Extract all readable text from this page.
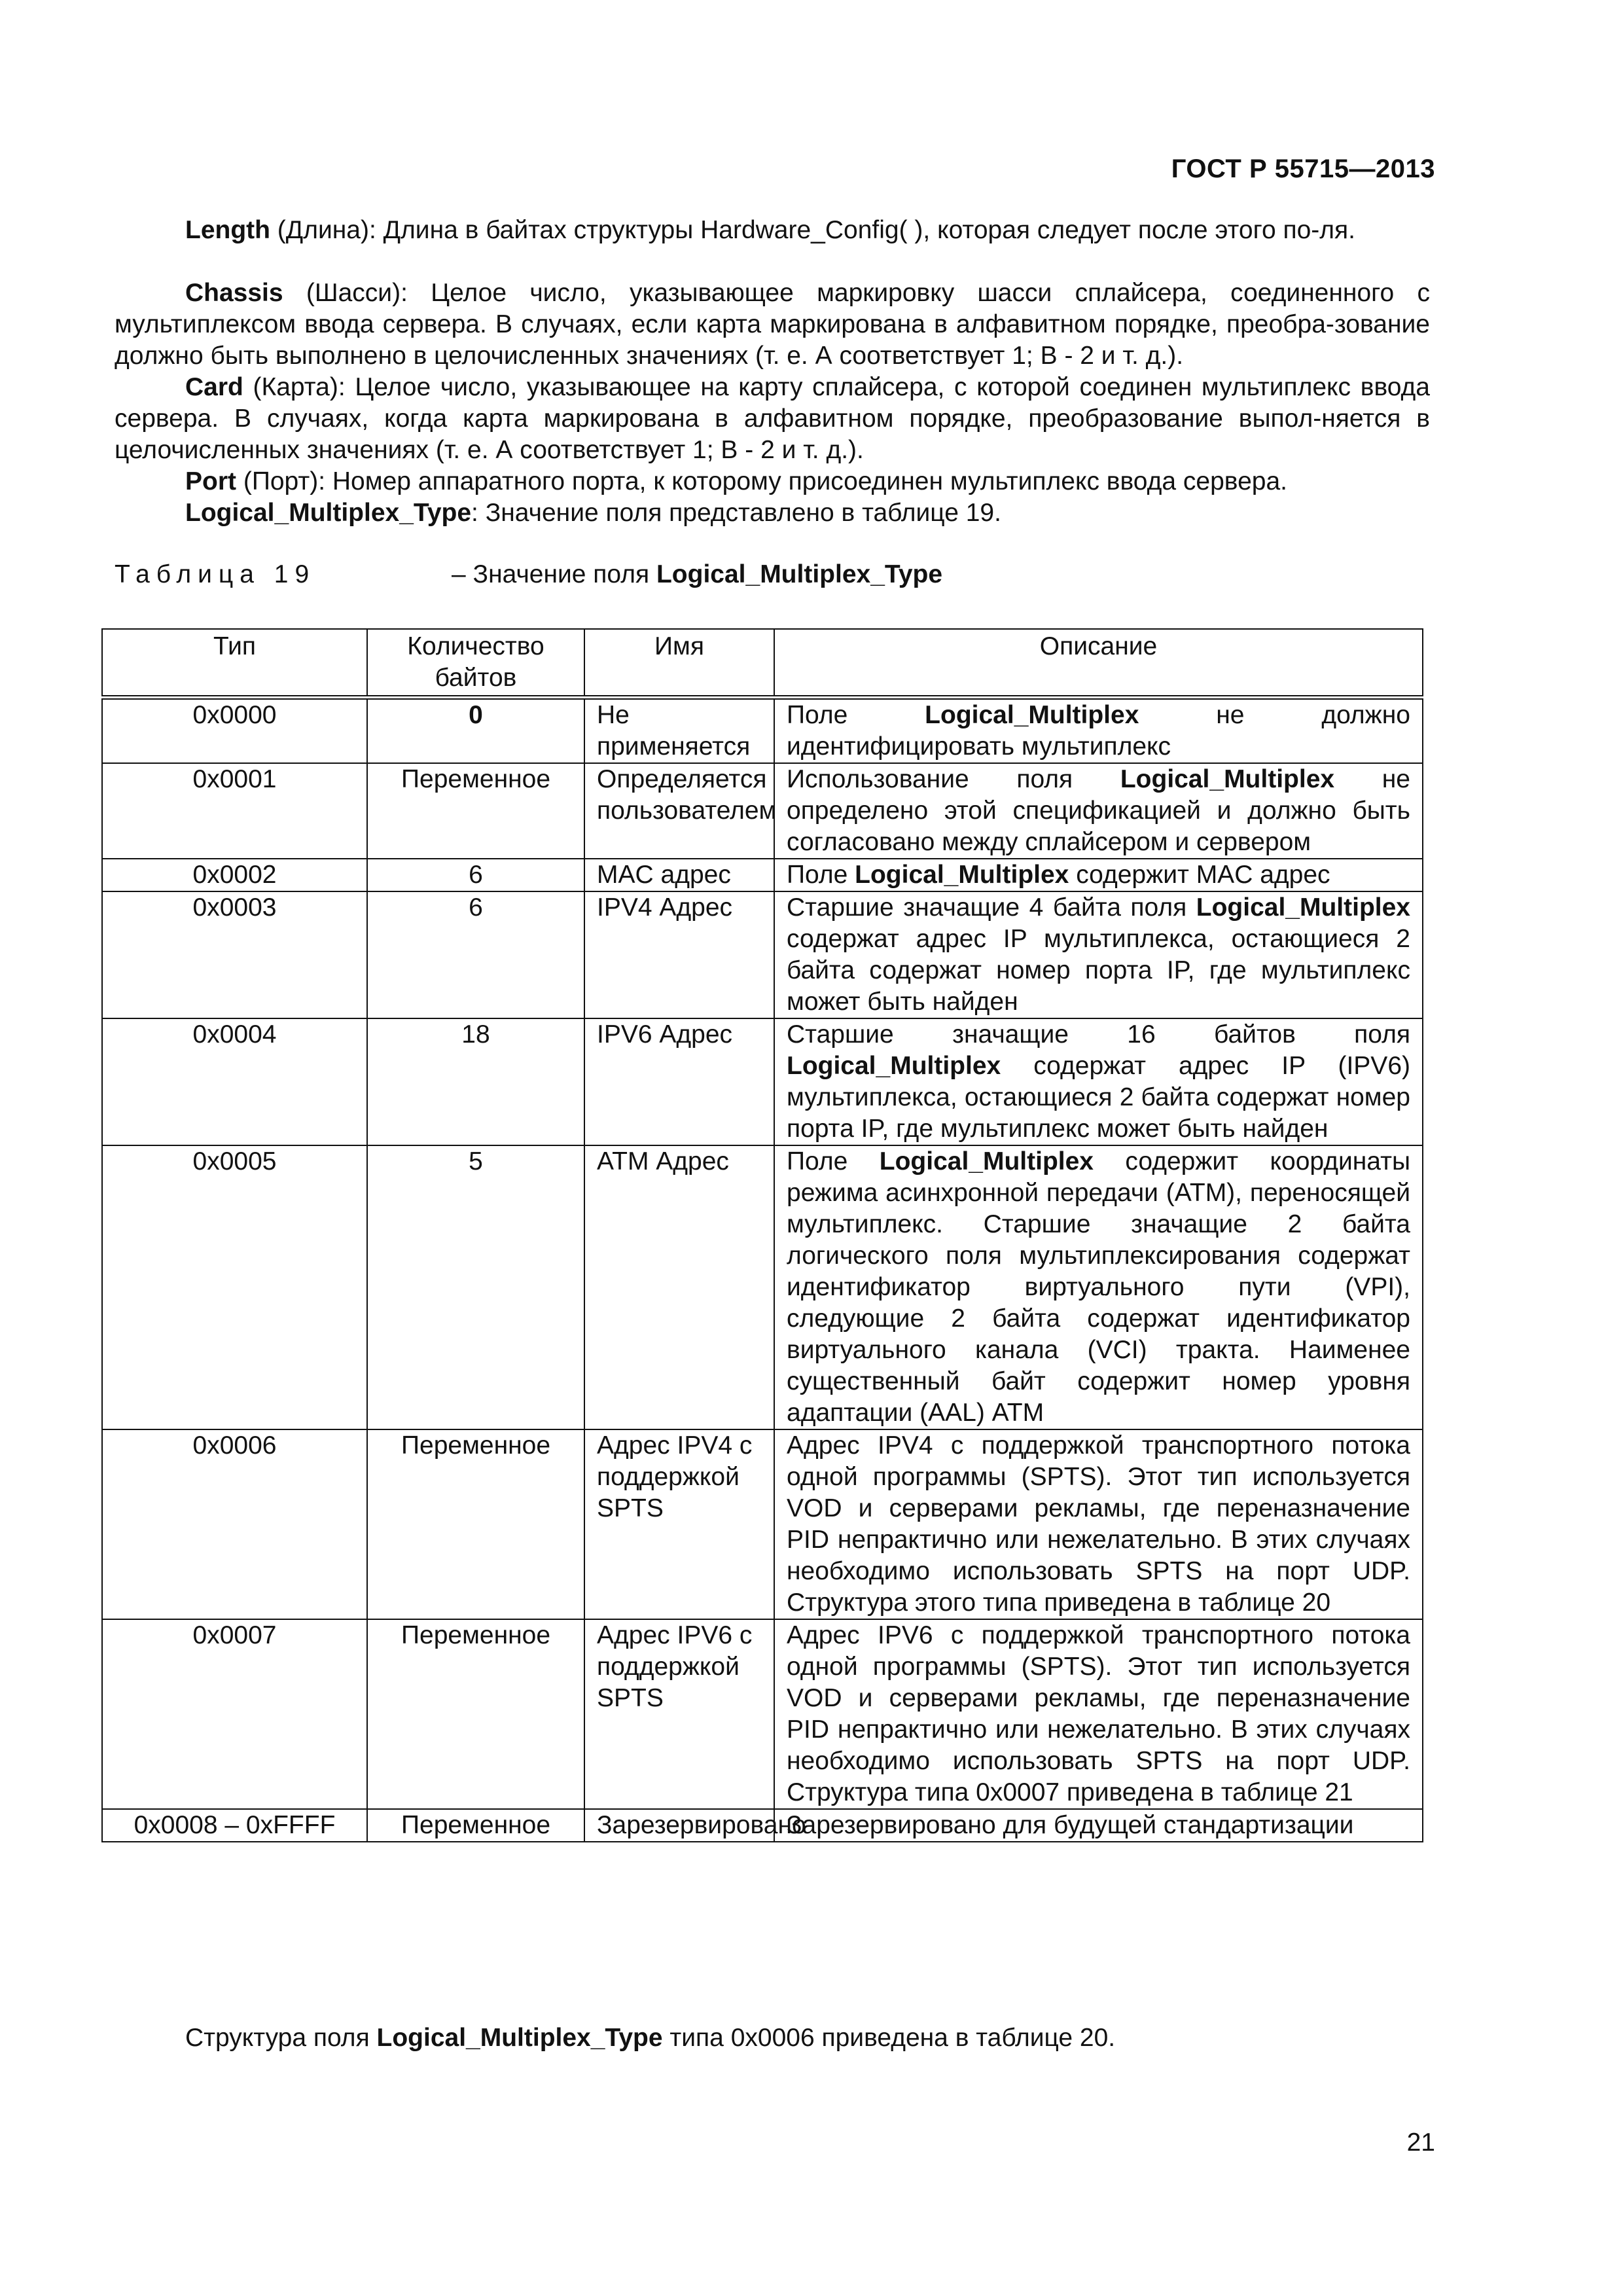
ГОСТ Р 55715—2013

Length (Длина): Длина в байтах структуры Hardware_Config( ), которая следует после этого по-ля.

Chassis (Шасси): Целое число, указывающее маркировку шасси сплайсера, соединенного с мультиплексом ввода сервера. В случаях, если карта маркирована в алфавитном порядке, преобра-зование должно быть выполнено в целочисленных значениях (т. е. А соответствует 1; В - 2 и т. д.).

Card (Карта): Целое число, указывающее на карту сплайсера, с которой соединен мультиплекс ввода сервера. В случаях, когда карта маркирована в алфавитном порядке, преобразование выпол-няется в целочисленных значениях (т. е. А соответствует 1; В - 2 и т. д.).

Port (Порт): Номер аппаратного порта, к которому присоединен мультиплекс ввода сервера.

Logical_Multiplex_Type: Значение поля представлено в таблице 19.

Таблица 19	– Значение поля Logical_Multiplex_Type
Тип	Количество байтов	Имя	Описание
0x0000	0	Не применяется	Поле Logical_Multiplex не должно идентифицировать мультиплекс
0x0001	Переменное	Определяется пользователем	Использование поля Logical_Multiplex не определено этой спецификацией и должно быть согласовано между сплайсером и сервером
0x0002	6	MAC адрес	Поле Logical_Multiplex содержит MAC адрес
0x0003	6	IPV4 Адрес	Старшие значащие 4 байта поля Logical_Multiplex содержат адрес IP мультиплекса, остающиеся 2 байта содержат номер порта IP, где мультиплекс может быть найден
0x0004	18	IPV6 Адрес	Старшие значащие 16 байтов поля Logical_Multiplex содержат адрес IP (IPV6) мультиплекса, остающиеся 2 байта содержат номер порта IP, где мультиплекс может быть найден
0x0005	5	ATM Адрес	Поле Logical_Multiplex содержит координаты режима асинхронной передачи (ATM), переносящей мультиплекс. Старшие значащие 2 байта логического поля мультиплексирования содержат идентификатор виртуального пути (VPI), следующие 2 байта содержат идентификатор виртуального канала (VCI) тракта. Наименее существенный байт содержит номер уровня адаптации (AAL) ATM
0x0006	Переменное	Адрес IPV4 с поддержкой SPTS	Адрес IPV4 с поддержкой транспортного потока одной программы (SPTS). Этот тип используется VOD и серверами рекламы, где переназначение PID непрактично или нежелательно. В этих случаях необходимо использовать SPTS на порт UDP. Структура этого типа приведена в таблице 20
0x0007	Переменное	Адрес IPV6 с поддержкой SPTS	Адрес IPV6 с поддержкой транспортного потока одной программы (SPTS). Этот тип используется VOD и серверами рекламы, где переназначение PID непрактично или нежелательно. В этих случаях необходимо использовать SPTS на порт UDP. Структура типа 0x0007 приведена в таблице 21
0x0008 – 0xFFFF	Переменное	Зарезервировано	Зарезервировано для будущей стандартизации
Структура поля Logical_Multiplex_Type типа 0x0006 приведена в таблице 20.
21
